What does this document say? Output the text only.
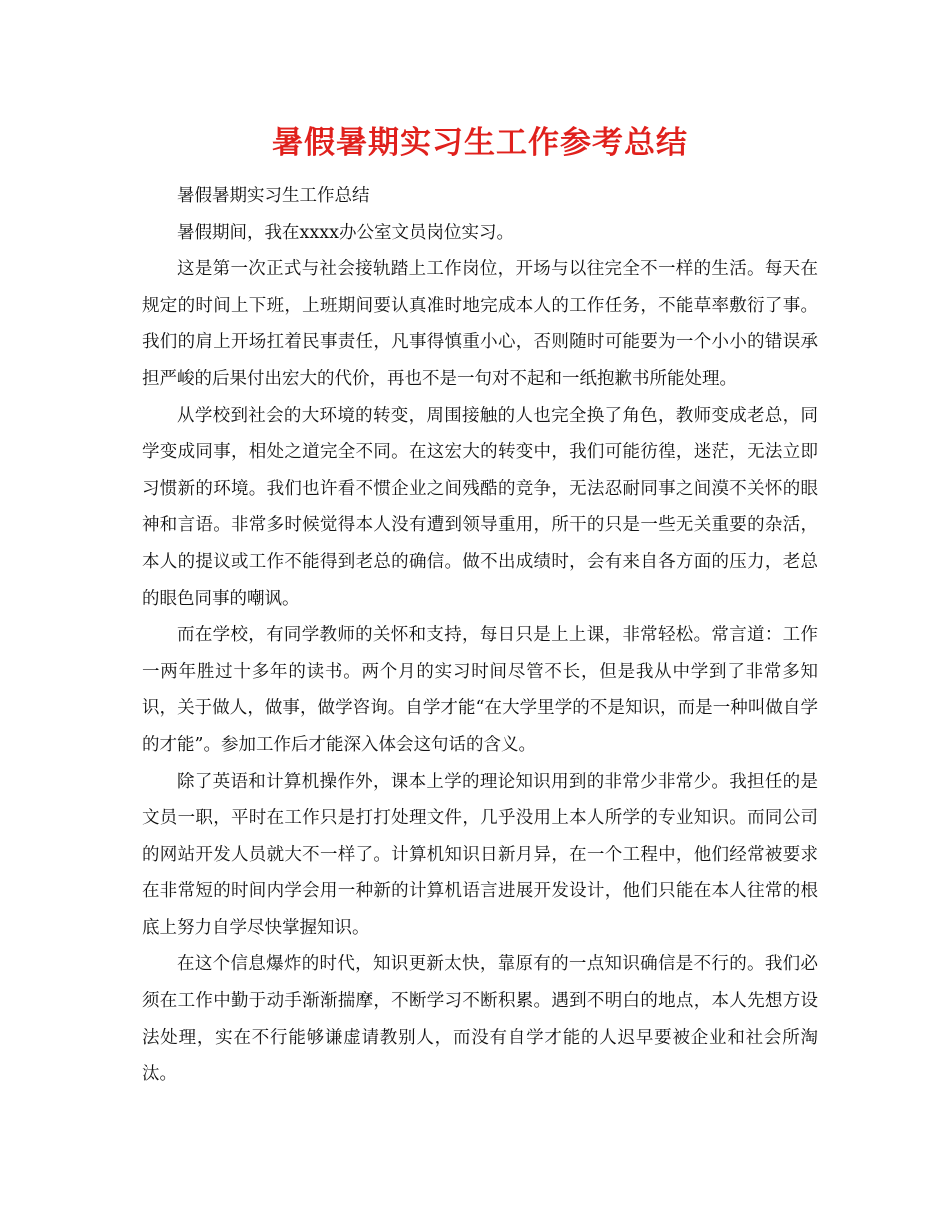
暑假暑期实习生工作参考总结

暑假暑期实习生工作总结

暑假期间，我在xxxx办公室文员岗位实习。

这是第一次正式与社会接轨踏上工作岗位，开场与以往完全不一样的生活。每天在规定的时间上下班，上班期间要认真准时地完成本人的工作任务，不能草率敷衍了事。我们的肩上开场扛着民事责任，凡事得慎重小心，否则随时可能要为一个小小的错误承担严峻的后果付出宏大的代价，再也不是一句对不起和一纸抱歉书所能处理。

从学校到社会的大环境的转变，周围接触的人也完全换了角色，教师变成老总，同学变成同事，相处之道完全不同。在这宏大的转变中，我们可能彷徨，迷茫，无法立即习惯新的环境。我们也许看不惯企业之间残酷的竞争，无法忍耐同事之间漠不关怀的眼神和言语。非常多时候觉得本人没有遭到领导重用，所干的只是一些无关重要的杂活，本人的提议或工作不能得到老总的确信。做不出成绩时，会有来自各方面的压力，老总的眼色同事的嘲讽。

而在学校，有同学教师的关怀和支持，每日只是上上课，非常轻松。常言道：工作一两年胜过十多年的读书。两个月的实习时间尽管不长，但是我从中学到了非常多知识，关于做人，做事，做学咨询。自学才能“在大学里学的不是知识，而是一种叫做自学的才能”。参加工作后才能深入体会这句话的含义。

除了英语和计算机操作外，课本上学的理论知识用到的非常少非常少。我担任的是文员一职，平时在工作只是打打处理文件，几乎没用上本人所学的专业知识。而同公司的网站开发人员就大不一样了。计算机知识日新月异，在一个工程中，他们经常被要求在非常短的时间内学会用一种新的计算机语言进展开发设计，他们只能在本人往常的根底上努力自学尽快掌握知识。

在这个信息爆炸的时代，知识更新太快，靠原有的一点知识确信是不行的。我们必须在工作中勤于动手渐渐揣摩，不断学习不断积累。遇到不明白的地点，本人先想方设法处理，实在不行能够谦虚请教别人，而没有自学才能的人迟早要被企业和社会所淘汰。
